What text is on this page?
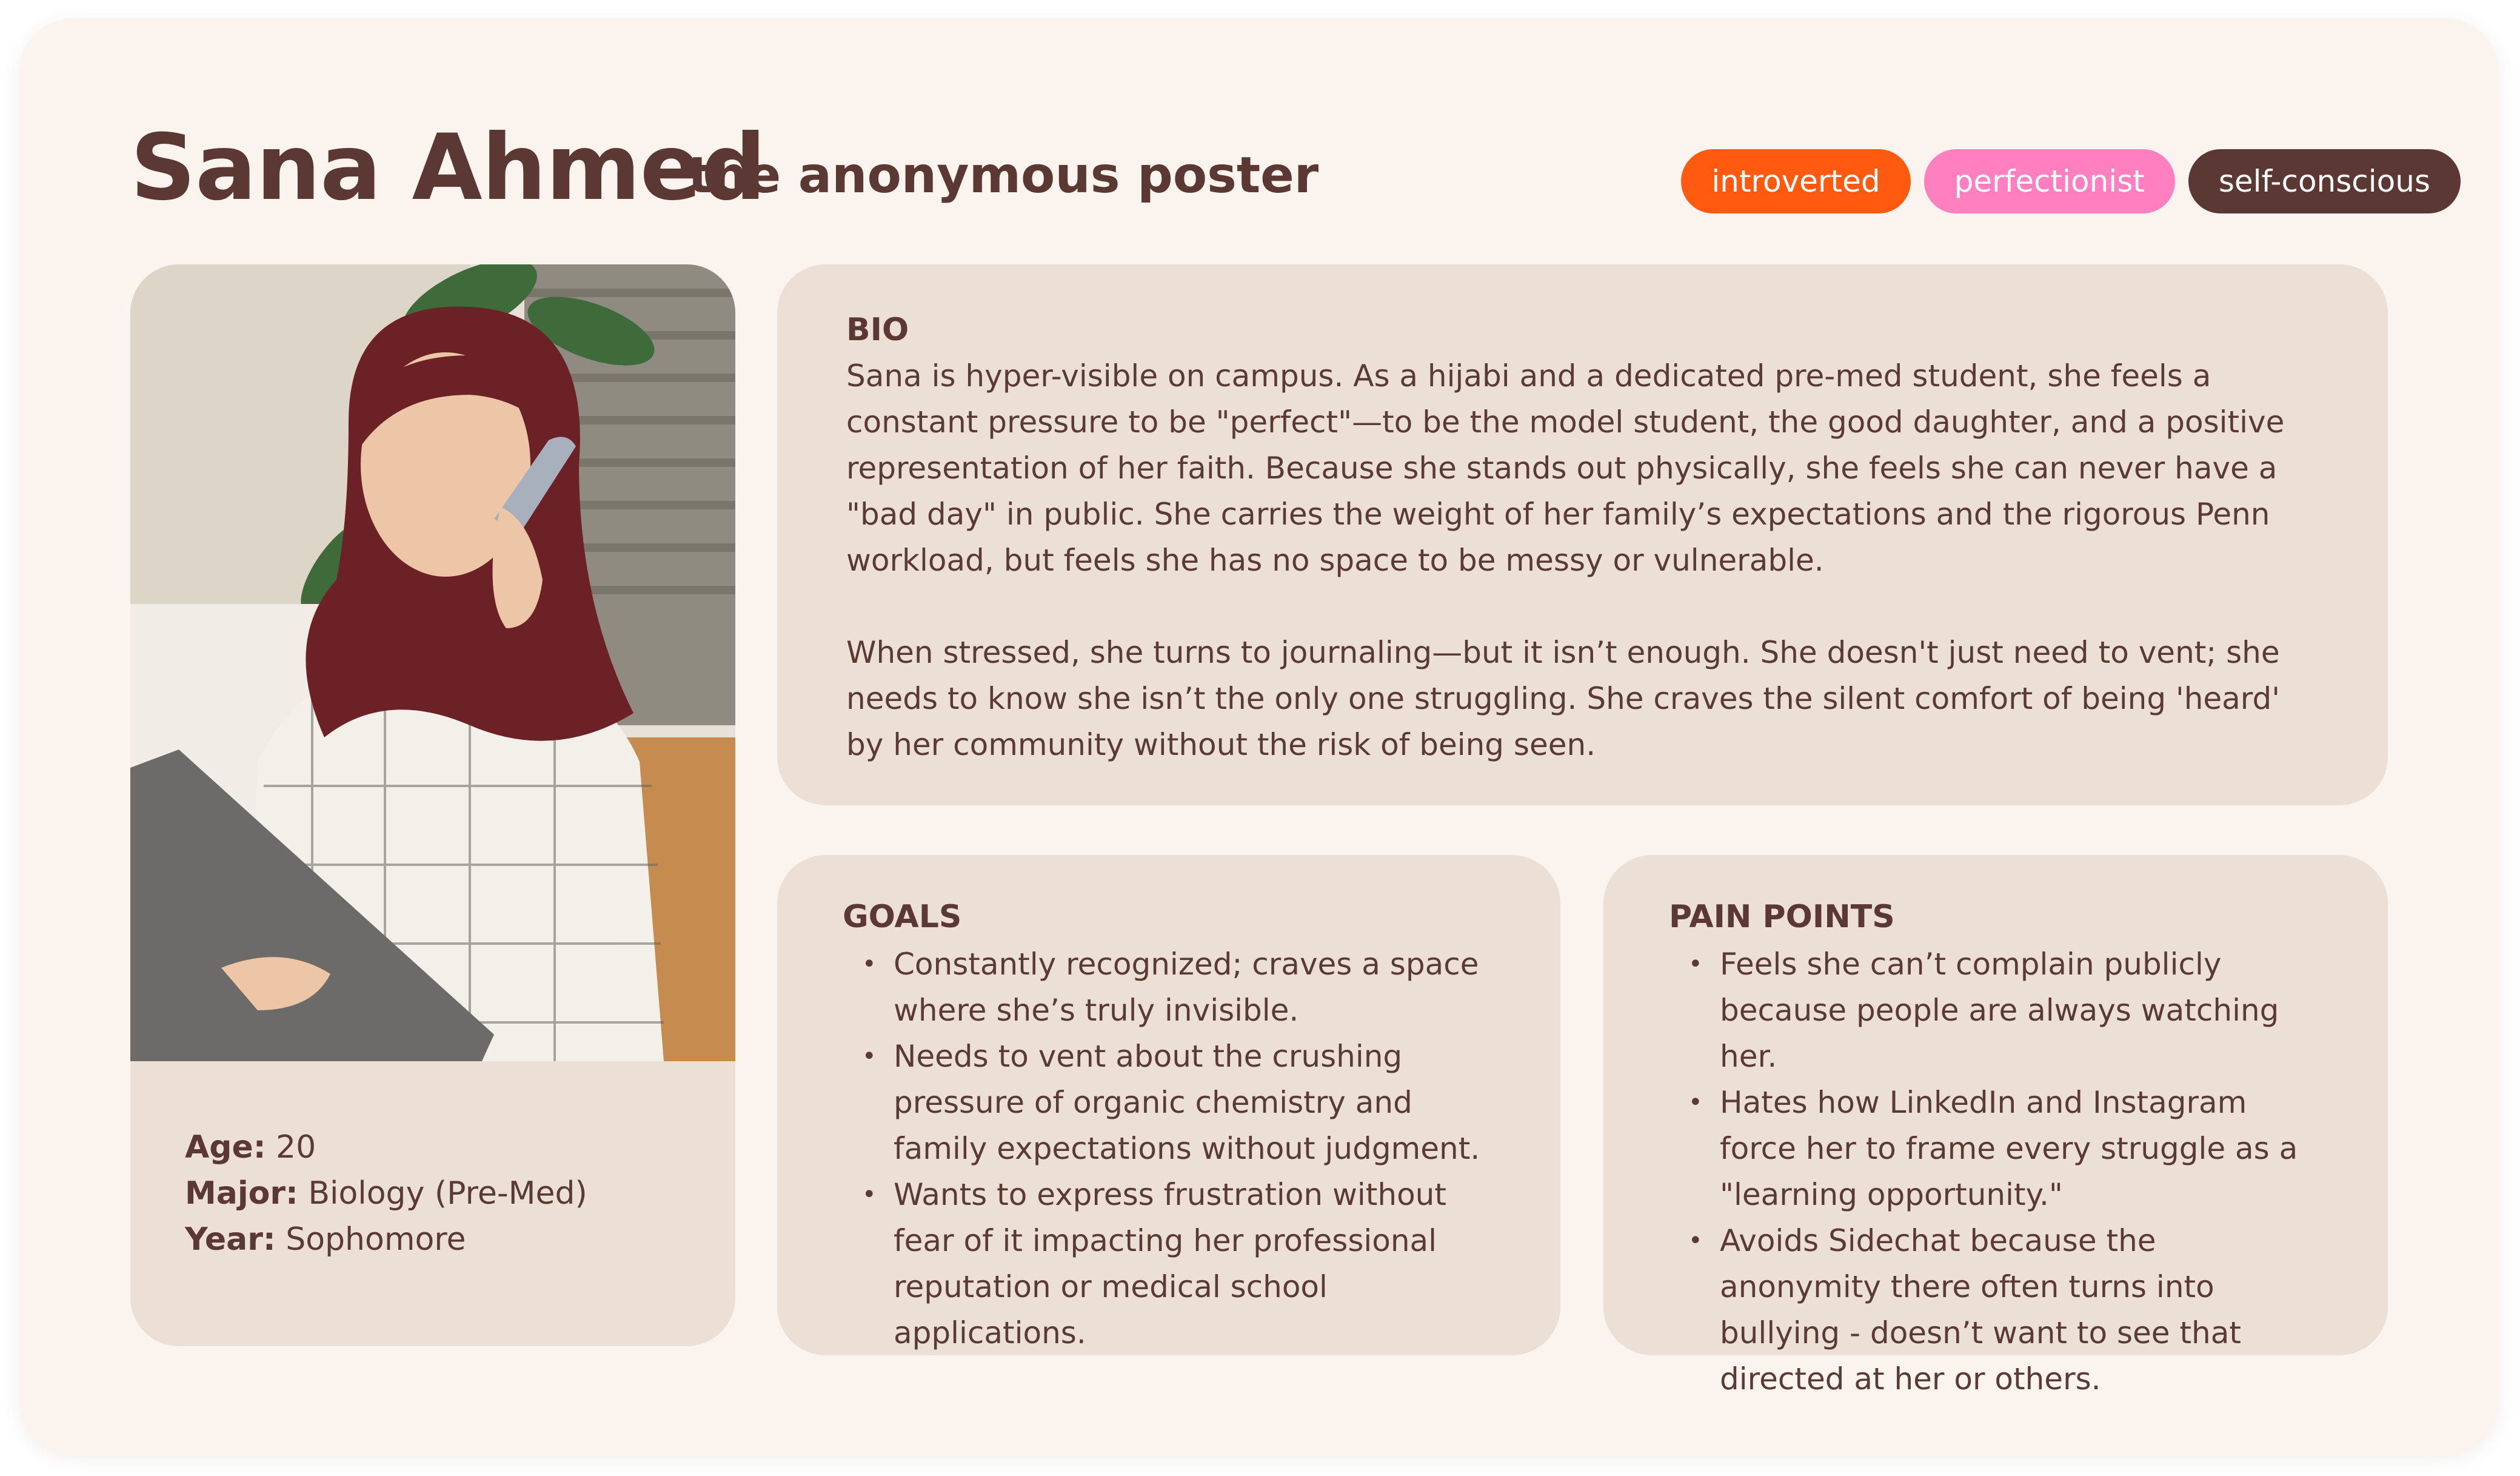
Sana Ahmed
the anonymous poster	introverted	perfectionist	self-conscious
Age: 20
Major: Biology (Pre-Med)
Year: Sophomore
BIO

Sana is hyper-visible on campus. As a hijabi and a dedicated pre-med student, she feels a constant pressure to be "perfect"—to be the model student, the good daughter, and a positive representation of her faith. Because she stands out physically, she feels she can never have a "bad day" in public. She carries the weight of her family’s expectations and the rigorous Penn workload, but feels she has no space to be messy or vulnerable.

When stressed, she turns to journaling—but it isn’t enough. She doesn't just need to vent; she needs to know she isn’t the only one struggling. She craves the silent comfort of being 'heard' by her community without the risk of being seen.

GOALS
• Constantly recognized; craves a space where she’s truly invisible.
• Needs to vent about the crushing pressure of organic chemistry and family expectations without judgment.
• Wants to express frustration without fear of it impacting her professional reputation or medical school applications.
PAIN POINTS
• Feels she can’t complain publicly because people are always watching her.
• Hates how LinkedIn and Instagram force her to frame every struggle as a "learning opportunity."
• Avoids Sidechat because the anonymity there often turns into bullying - doesn’t want to see that directed at her or others.
